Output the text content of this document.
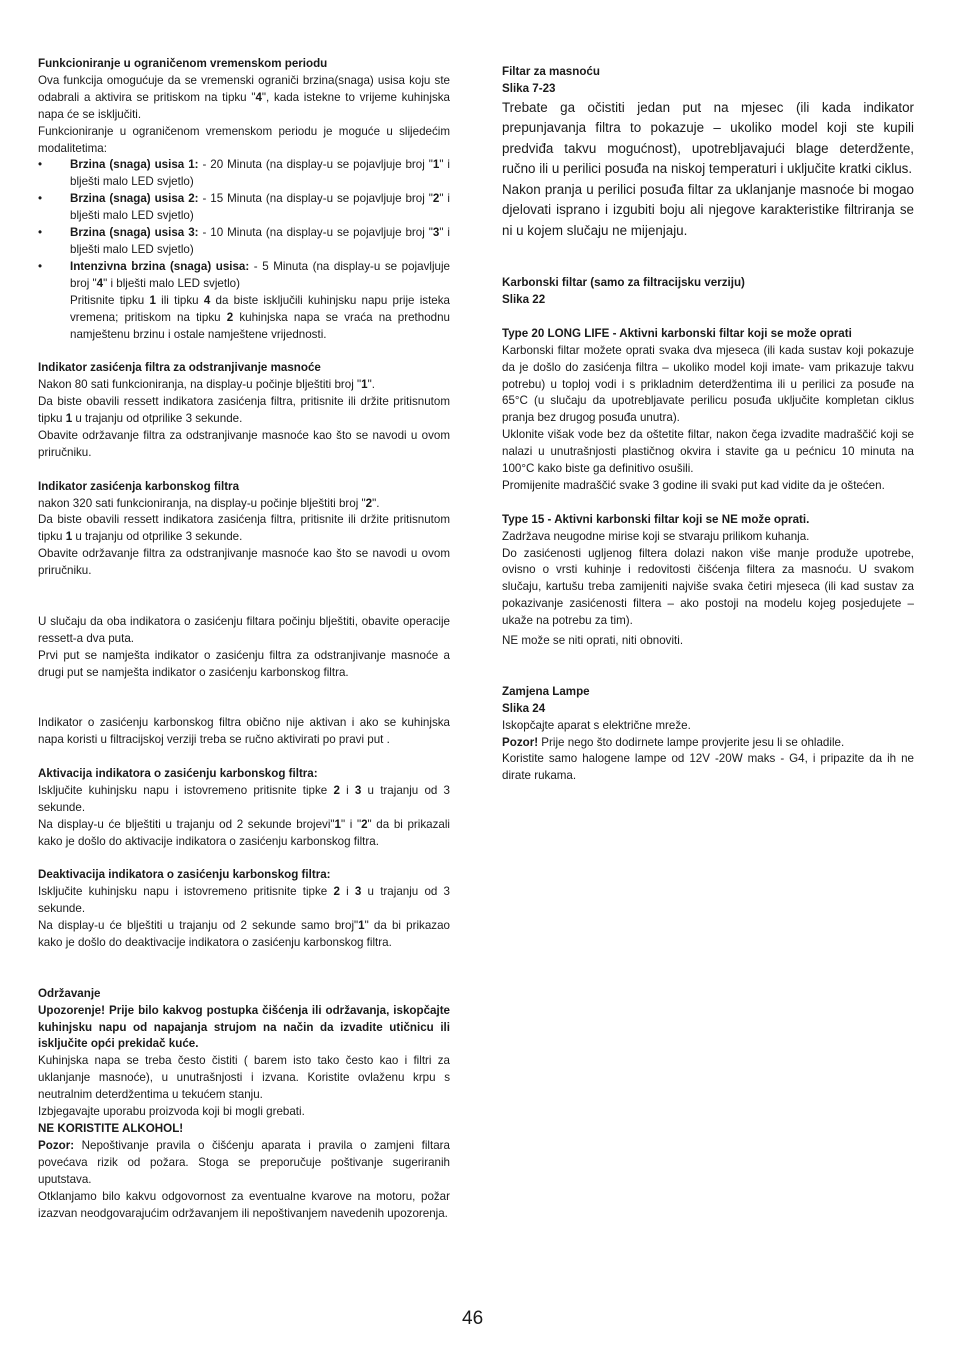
Funkcioniranje u ograničenom vremenskom periodu

Ova funkcija omogućuje da se vremenski ograniči brzina(snaga) usisa koju ste odabrali a aktivira se pritiskom na tipku "4", kada istekne to vrijeme kuhinjska napa će se isključiti.

Funkcioniranje u ograničenom vremenskom periodu je moguće u slijedećim modalitetima:

• Brzina (snaga) usisa 1: - 20 Minuta (na display-u se pojavljuje broj "1" i blješti malo LED svjetlo)
• Brzina (snaga) usisa 2: - 15 Minuta (na display-u se pojavljuje broj "2" i blješti malo LED svjetlo)
• Brzina (snaga) usisa 3: - 10 Minuta (na display-u se pojavljuje broj "3" i blješti malo LED svjetlo)
• Intenzivna brzina (snaga) usisa: - 5 Minuta (na display-u se pojavljuje broj "4" i blješti malo LED svjetlo)
Pritisnite tipku 1 ili tipku 4 da biste isključili kuhinjsku napu prije isteka vremena; pritiskom na tipku 2 kuhinjska napa se vraća na prethodnu namještenu brzinu i ostale namještene vrijednosti.

Indikator zasićenja filtra za odstranjivanje masnoće

Nakon 80 sati funkcioniranja, na display-u počinje blještiti broj "1".

Da biste obavili ressett indikatora zasićenja filtra, pritisnite ili držite pritisnutom tipku 1 u trajanju od otprilike 3 sekunde.

Obavite održavanje filtra za odstranjivanje masnoće kao što se navodi u ovom priručniku.

Indikator zasićenja karbonskog filtra

nakon 320 sati funkcioniranja, na display-u počinje blještiti broj "2".

Da biste obavili ressett indikatora zasićenja filtra, pritisnite ili držite pritisnutom tipku 1 u trajanju od otprilike 3 sekunde.

Obavite održavanje filtra za odstranjivanje masnoće kao što se navodi u ovom priručniku.

U slučaju da oba indikatora o zasićenju filtara počinju blještiti, obavite operacije ressett-a dva puta.

Prvi put se namješta indikator o zasićenju filtra za odstranjivanje masnoće a drugi put se namješta indikator o zasićenju karbonskog filtra.

Indikator o zasićenju karbonskog filtra obično nije aktivan i ako se kuhinjska napa koristi u filtracijskoj verziji treba se ručno aktivirati po pravi put .

Aktivacija indikatora o zasićenju karbonskog filtra:

Isključite kuhinjsku napu i istovremeno pritisnite tipke 2 i 3 u trajanju od 3 sekunde.

Na display-u će blještiti u trajanju od 2 sekunde brojevi"1" i "2" da bi prikazali kako je došlo do aktivacije indikatora o zasićenju karbonskog filtra.

Deaktivacija indikatora o zasićenju karbonskog filtra:

Isključite kuhinjsku napu i istovremeno pritisnite tipke 2 i 3 u trajanju od 3 sekunde.

Na display-u će blještiti u trajanju od 2 sekunde samo broj"1" da bi prikazao kako je došlo do deaktivacije indikatora o zasićenju karbonskog filtra.

Održavanje

Upozorenje! Prije bilo kakvog postupka čišćenja ili održavanja, iskopčajte kuhinjsku napu od napajanja strujom na način da izvadite utičnicu ili isključite opći prekidač kuće.

Kuhinjska napa se treba često čistiti ( barem isto tako često kao i filtri za uklanjanje masnoće), u unutrašnjosti i izvana. Koristite ovlaženu krpu s neutralnim deterdžentima u tekućem stanju.

Izbjegavajte uporabu proizvoda koji bi mogli grebati.

NE KORISTITE ALKOHOL!

Pozor: Nepoštivanje pravila o čišćenju aparata i pravila o zamjeni filtara povećava rizik od požara. Stoga se preporučuje poštivanje sugeriranih uputstava.

Otklanjamo bilo kakvu odgovornost za eventualne kvarove na motoru, požar izazvan neodgovarajućim održavanjem ili nepoštivanjem navedenih upozorenja.

Filtar za masnoću

Slika 7-23

Trebate ga očistiti jedan put na mjesec (ili kada indikator prepunjavanja filtra to pokazuje – ukoliko model koji ste kupili predviđa takvu mogućnost), upotrebljavajući blage deterdžente, ručno ili u perilici posuđa na niskoj temperaturi i uključite kratki ciklus.

Nakon pranja u perilici posuđa filtar za uklanjanje masnoće bi mogao djelovati isprano i izgubiti boju ali njegove karakteristike filtriranja se ni u kojem slučaju ne mijenjaju.

Karbonski filtar (samo za filtracijsku verziju)

Slika 22

Type 20 LONG LIFE - Aktivni karbonski filtar koji se može oprati

Karbonski filtar možete oprati svaka dva mjeseca (ili kada sustav koji pokazuje da je došlo do zasićenja filtra – ukoliko model koji imate- vam prikazuje takvu potrebu) u toploj vodi i s prikladnim deterdžentima ili u perilici za posuđe na 65°C (u slučaju da upotrebljavate perilicu posuđa uključite kompletan ciklus pranja bez drugog posuđa unutra).

Uklonite višak vode bez da oštetite filtar, nakon čega izvadite madraščić koji se nalazi u unutrašnjosti plastičnog okvira i stavite ga u pećnicu 10 minuta na 100°C kako biste ga definitivo osušili.

Promijenite madraščić svake 3 godine ili svaki put kad vidite da je oštećen.

Type 15 - Aktivni karbonski filtar koji se NE može oprati.

Zadržava neugodne mirise koji se stvaraju prilikom kuhanja.

Do zasićenosti ugljenog filtera dolazi nakon više manje produže upotrebe, ovisno o vrsti kuhinje i redovitosti čišćenja filtera za masnoću. U svakom slučaju, kartušu treba zamijeniti najviše svaka četiri mjeseca (ili kad sustav za pokazivanje zasićenosti filtera – ako postoji na modelu kojeg posjedujete – ukaže na potrebu za tim).

NE može se niti oprati, niti obnoviti.

Zamjena Lampe

Slika 24

Iskopčajte aparat s električne mreže.

Pozor! Prije nego što dodirnete lampe provjerite jesu li se ohladile.

Koristite samo halogene lampe od 12V -20W maks - G4, i pripazite da ih ne dirate rukama.

46
